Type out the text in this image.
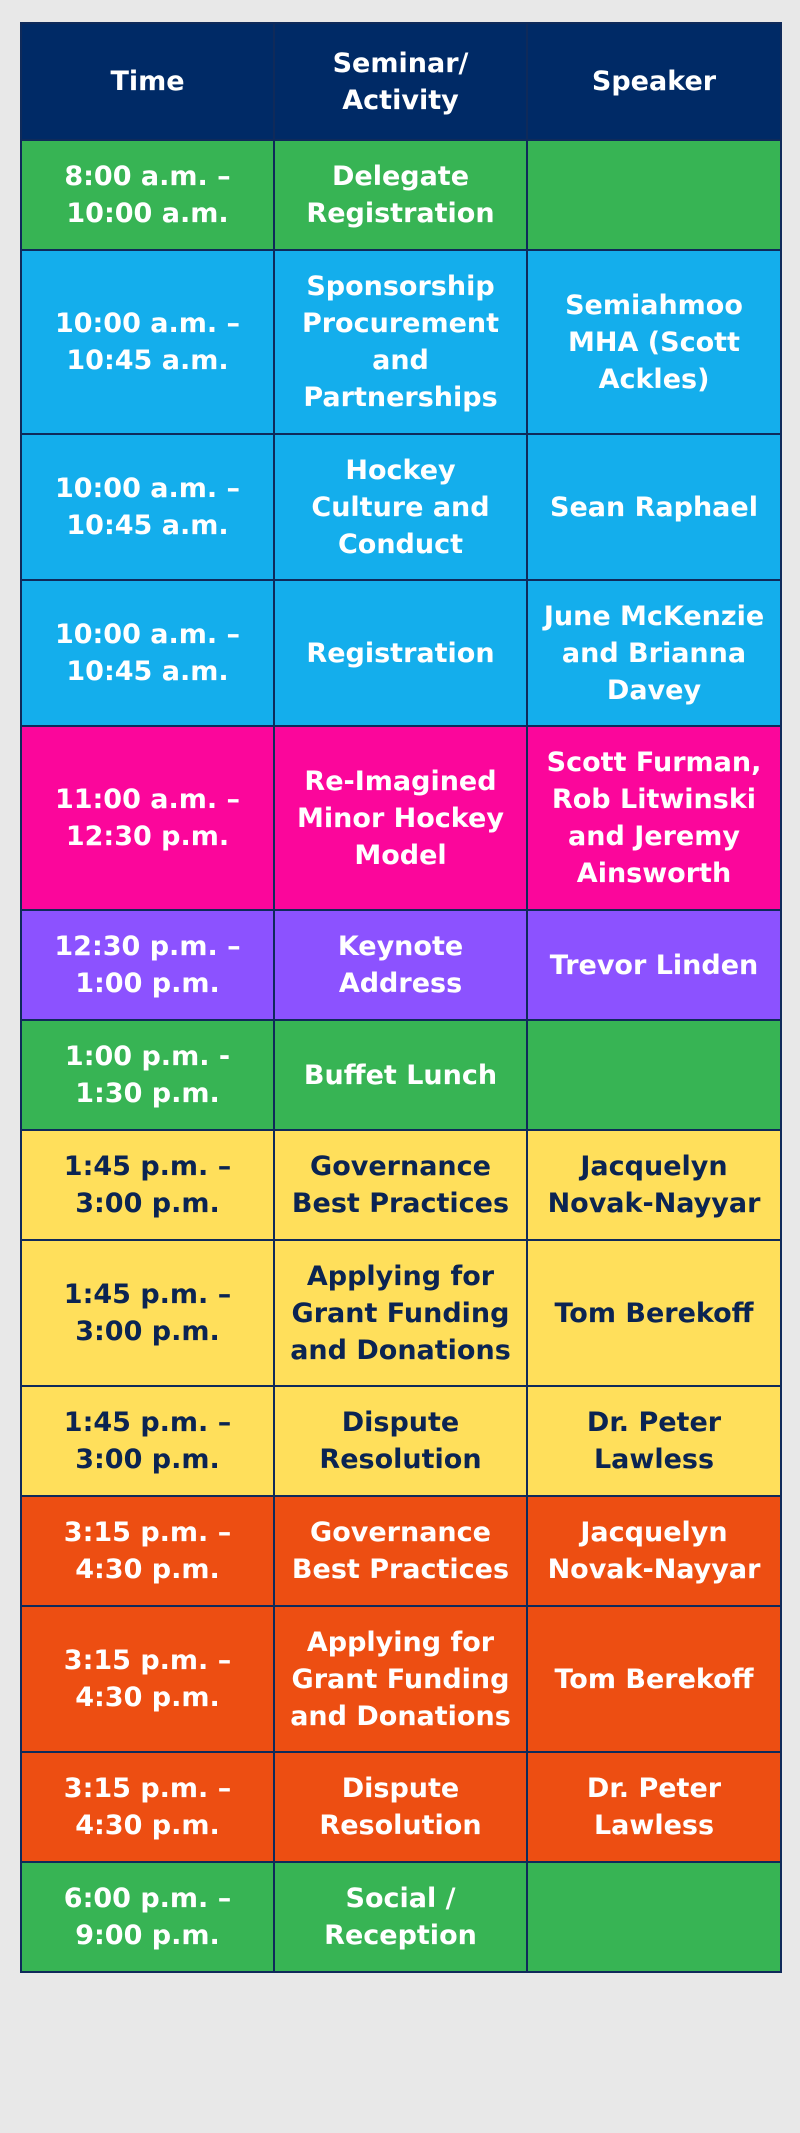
Time	Seminar/ Activity	Speaker
8:00 a.m. – 10:00 a.m.	Delegate Registration	
10:00 a.m. – 10:45 a.m.	Sponsorship Procurement and Partnerships	Semiahmoo MHA (Scott Ackles)
10:00 a.m. – 10:45 a.m.	Hockey Culture and Conduct	Sean Raphael
10:00 a.m. – 10:45 a.m.	Registration	June McKenzie and Brianna Davey
11:00 a.m. – 12:30 p.m.	Re-Imagined Minor Hockey Model	Scott Furman, Rob Litwinski and Jeremy Ainsworth
12:30 p.m. – 1:00 p.m.	Keynote Address	Trevor Linden
1:00 p.m. - 1:30 p.m.	Buffet Lunch	
1:45 p.m. – 3:00 p.m.	Governance Best Practices	Jacquelyn Novak-Nayyar
1:45 p.m. – 3:00 p.m.	Applying for Grant Funding and Donations	Tom Berekoff
1:45 p.m. – 3:00 p.m.	Dispute Resolution	Dr. Peter Lawless
3:15 p.m. – 4:30 p.m.	Governance Best Practices	Jacquelyn Novak-Nayyar
3:15 p.m. – 4:30 p.m.	Applying for Grant Funding and Donations	Tom Berekoff
3:15 p.m. – 4:30 p.m.	Dispute Resolution	Dr. Peter Lawless
6:00 p.m. – 9:00 p.m.	Social / Reception	
